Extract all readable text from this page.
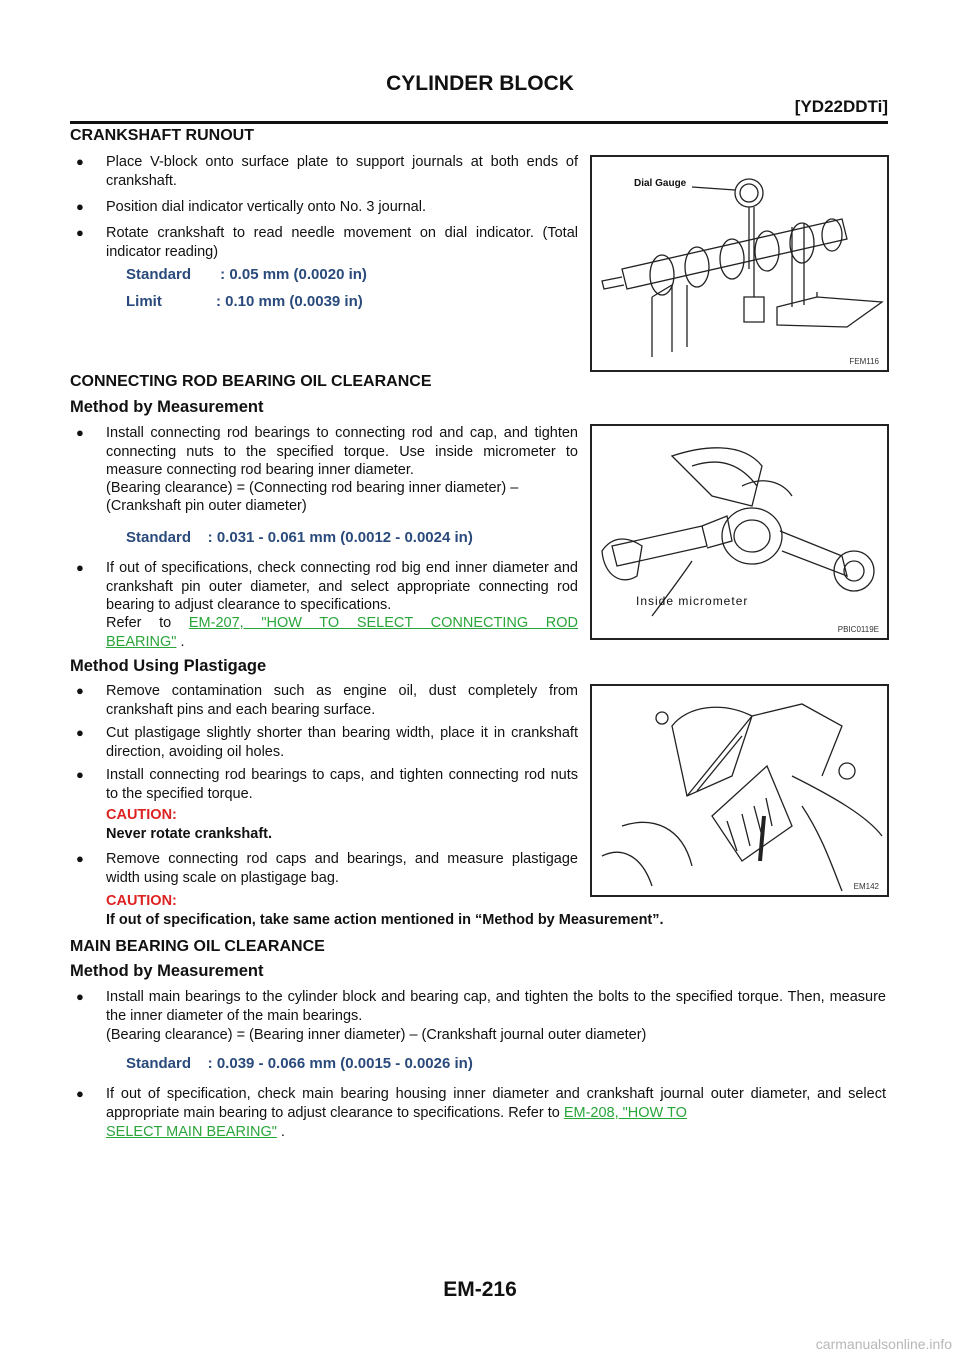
CYLINDER BLOCK
[YD22DDTi]
CRANKSHAFT RUNOUT
● Place V-block onto surface plate to support journals at both ends of crankshaft.
● Position dial indicator vertically onto No. 3 journal.
● Rotate crankshaft to read needle movement on dial indicator. (Total indicator reading)
Standard       : 0.05 mm (0.0020 in)
Limit             : 0.10 mm (0.0039 in)
Dial Gauge
FEM116
CONNECTING ROD BEARING OIL CLEARANCE
Method by Measurement
● Install connecting rod bearings to connecting rod and cap, and tighten connecting nuts to the specified torque. Use inside micrometer to measure connecting rod bearing inner diameter.
(Bearing clearance) = (Connecting rod bearing inner diameter) –
(Crankshaft pin outer diameter)
Standard    : 0.031 - 0.061 mm (0.0012 - 0.0024 in)
● If out of specifications, check connecting rod big end inner diameter and crankshaft pin outer diameter, and select appropriate connecting rod bearing to adjust clearance to specifications.
Refer to EM-207, "HOW TO SELECT CONNECTING ROD
BEARING" .
Inside micrometer
PBIC0119E
Method Using Plastigage
● Remove contamination such as engine oil, dust completely from crankshaft pins and each bearing surface.
● Cut plastigage slightly shorter than bearing width, place it in crankshaft direction, avoiding oil holes.
● Install connecting rod bearings to caps, and tighten connecting rod nuts to the specified torque.
CAUTION:
Never rotate crankshaft.
● Remove connecting rod caps and bearings, and measure plastigage width using scale on plastigage bag.
CAUTION:
If out of specification, take same action mentioned in “Method by Measurement”.
EM142
MAIN BEARING OIL CLEARANCE
Method by Measurement
● Install main bearings to the cylinder block and bearing cap, and tighten the bolts to the specified torque. Then, measure the inner diameter of the main bearings.
(Bearing clearance) = (Bearing inner diameter) – (Crankshaft journal outer diameter)
Standard    : 0.039 - 0.066 mm (0.0015 - 0.0026 in)
● If out of specification, check main bearing housing inner diameter and crankshaft journal outer diameter, and select appropriate main bearing to adjust clearance to specifications. Refer to EM-208, "HOW TO
SELECT MAIN BEARING" .
EM-216
carmanualsonline.info
